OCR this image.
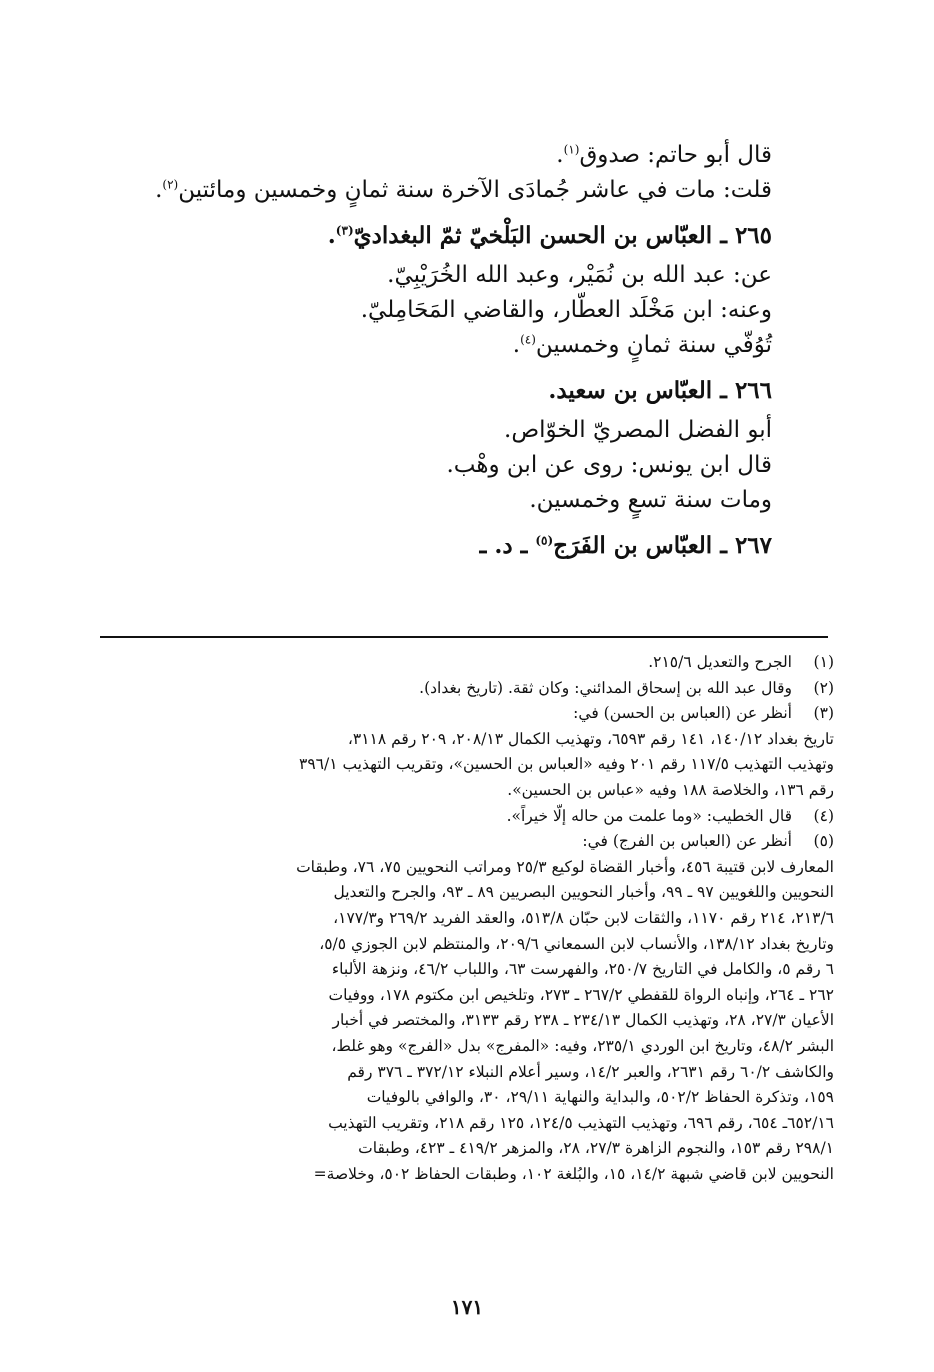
قال أبو حاتم: صدوق$^{(١)}$.
قلت: مات في عاشر جُمادَى الآخرة سنة ثمانٍ وخمسين ومائتين$^{(٢)}$.
٢٦٥ ـ العبّاس بن الحسن البَلْخيّ ثمّ البغداديّ$^{(٣)}$.
عن: عبد الله بن نُمَيْر، وعبد الله الخُرَيْبِيّ.
وعنه: ابن مَخْلَد العطّار، والقاضي المَحَامِليّ.
تُوُفّي سنة ثمانٍ وخمسين$^{(٤)}$.
٢٦٦ ـ العبّاس بن سعيد.
أبو الفضل المصريّ الخوّاص.
قال ابن يونس: روى عن ابن وهْب.
ومات سنة تسعٍ وخمسين.
٢٦٧ ـ العبّاس بن الفَرَج$^{(٥)}$ ـ د. ـ
(١)
الجرح والتعديل ٢١٥/٦.
(٢)
وقال عبد الله بن إسحاق المدائني: وكان ثقة. (تاريخ بغداد).
(٣)
أنظر عن (العباس بن الحسن) في:
تاريخ بغداد ١٤٠/١٢، ١٤١ رقم ٦٥٩٣، وتهذيب الكمال ٢٠٨/١٣، ٢٠٩ رقم ٣١١٨،
وتهذيب التهذيب ١١٧/٥ رقم ٢٠١ وفيه «العباس بن الحسين»، وتقريب التهذيب ٣٩٦/١
رقم ١٣٦، والخلاصة ١٨٨ وفيه «عباس بن الحسين».
(٤)
قال الخطيب: «وما علمت من حاله إلّا خيراً».
(٥)
أنظر عن (العباس بن الفرج) في:
المعارف لابن قتيبة ٤٥٦، وأخبار القضاة لوكيع ٢٥/٣ ومراتب النحويين ٧٥، ٧٦، وطبقات
النحويين واللغويين ٩٧ ـ ٩٩، وأخبار النحويين البصريين ٨٩ ـ ٩٣، والجرح والتعديل
٢١٣/٦، ٢١٤ رقم ١١٧٠، والثقات لابن حبّان ٥١٣/٨، والعقد الفريد ٢٦٩/٢ و١٧٧/٣،
وتاريخ بغداد ١٣٨/١٢، والأنساب لابن السمعاني ٢٠٩/٦، والمنتظم لابن الجوزي ٥/٥،
٦ رقم ٥، والكامل في التاريخ ٢٥٠/٧، والفهرست ٦٣، واللباب ٤٦/٢، ونزهة الألباء
٢٦٢ ـ ٢٦٤، وإنباه الرواة للقفطي ٢٦٧/٢ ـ ٢٧٣، وتلخيص ابن مكتوم ١٧٨، ووفيات
الأعيان ٢٧/٣، ٢٨، وتهذيب الكمال ٢٣٤/١٣ ـ ٢٣٨ رقم ٣١٣٣، والمختصر في أخبار
البشر ٤٨/٢، وتاريخ ابن الوردي ٢٣٥/١، وفيه: «المفرج» بدل «الفرج» وهو غلط،
والكاشف ٦٠/٢ رقم ٢٦٣١، والعبر ١٤/٢، وسير أعلام النبلاء ٣٧٢/١٢ ـ ٣٧٦ رقم
١٥٩، وتذكرة الحفاظ ٥٠٢/٢، والبداية والنهاية ٢٩/١١، ٣٠، والوافي بالوفيات
٦٥٢/١٦ـ ٦٥٤، رقم ٦٩٦، وتهذيب التهذيب ١٢٤/٥، ١٢٥ رقم ٢١٨، وتقريب التهذيب
٢٩٨/١ رقم ١٥٣، والنجوم الزاهرة ٢٧/٣، ٢٨، والمزهر ٤١٩/٢ ـ ٤٢٣، وطبقات
النحويين لابن قاضي شبهة ١٤/٢، ١٥، والبُلغة ١٠٢، وطبقات الحفاظ ٥٠٢، وخلاصة=
١٧١
